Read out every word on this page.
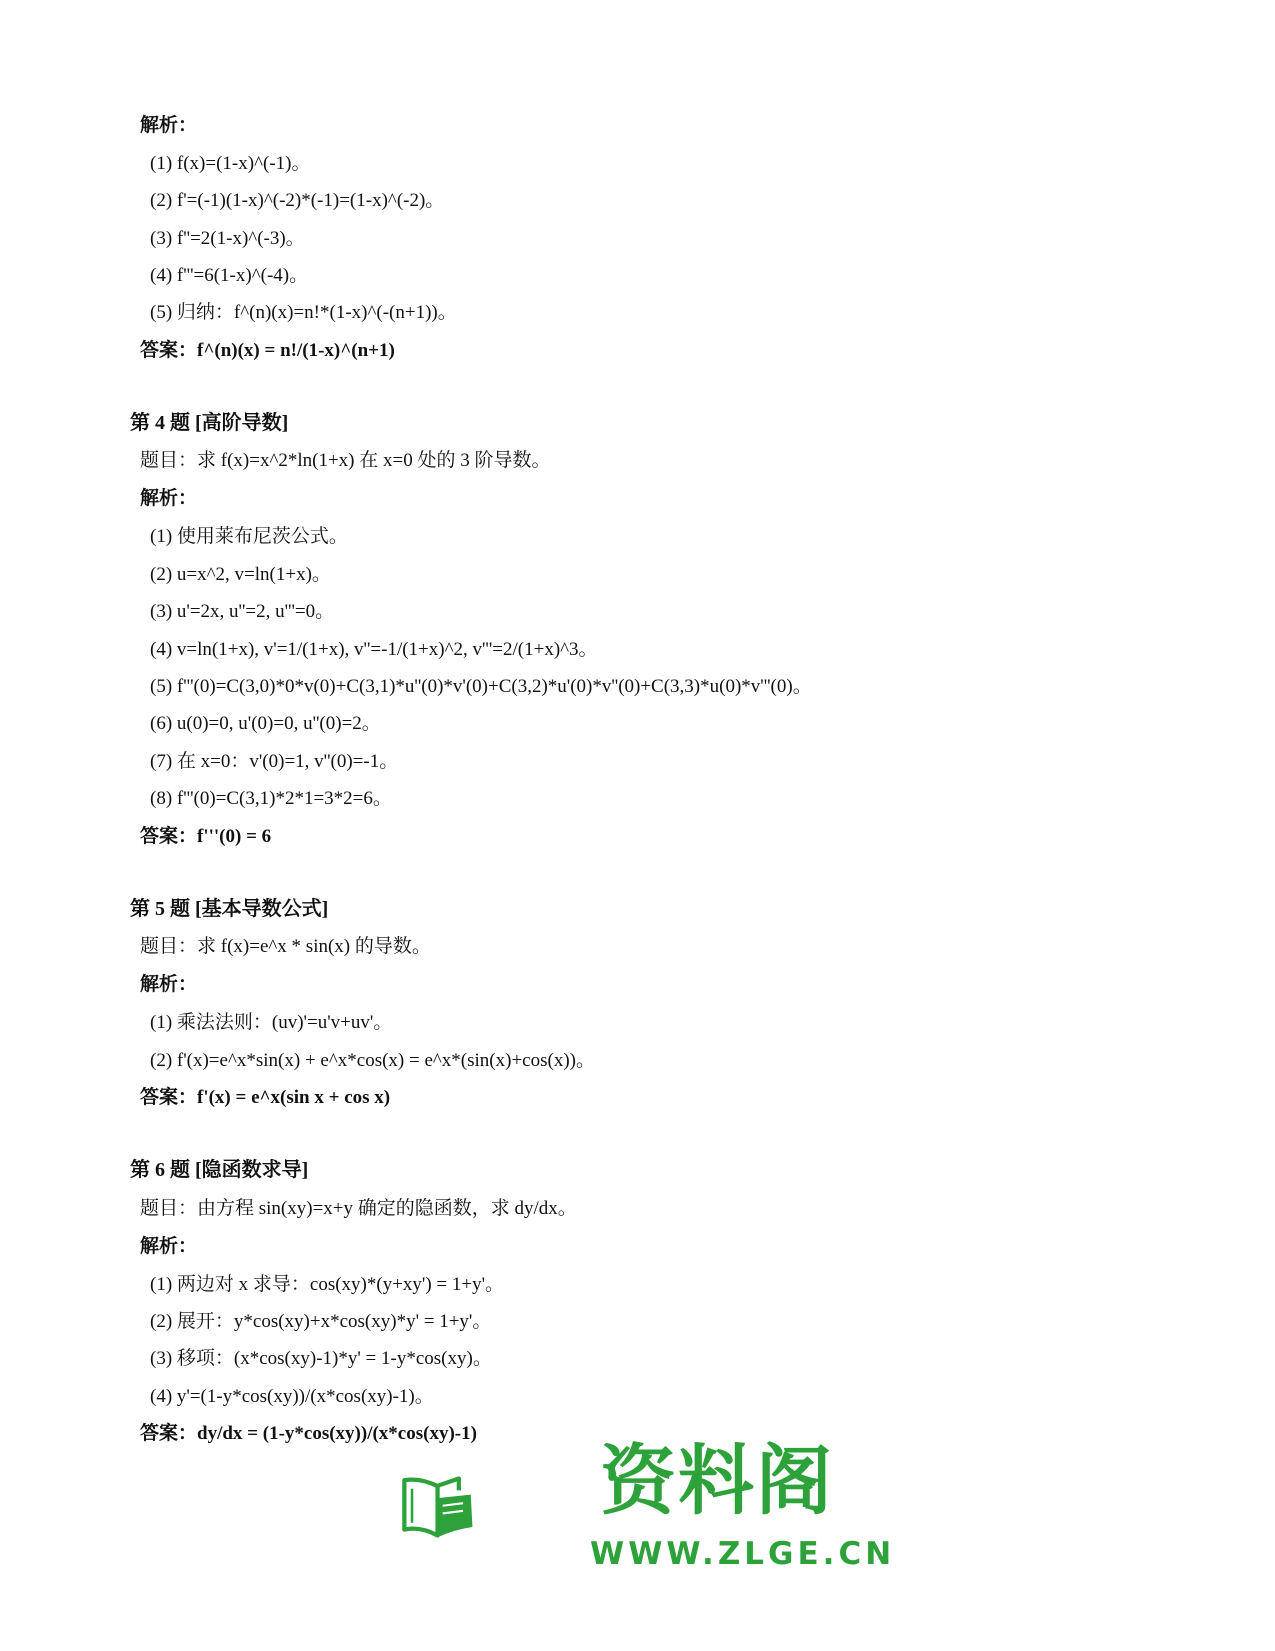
解析：
(1) f(x)=(1-x)^(-1)。
(2) f'=(-1)(1-x)^(-2)*(-1)=(1-x)^(-2)。
(3) f''=2(1-x)^(-3)。
(4) f'''=6(1-x)^(-4)。
(5) 归纳：f^(n)(x)=n!*(1-x)^(-(n+1))。
答案：f^(n)(x) = n!/(1-x)^(n+1)
第 4 题 [高阶导数]
题目：求 f(x)=x^2*ln(1+x) 在 x=0 处的 3 阶导数。
解析：
(1) 使用莱布尼茨公式。
(2) u=x^2, v=ln(1+x)。
(3) u'=2x, u''=2, u'''=0。
(4) v=ln(1+x), v'=1/(1+x), v''=-1/(1+x)^2, v'''=2/(1+x)^3。
(5) f'''(0)=C(3,0)*0*v(0)+C(3,1)*u''(0)*v'(0)+C(3,2)*u'(0)*v''(0)+C(3,3)*u(0)*v'''(0)。
(6) u(0)=0, u'(0)=0, u''(0)=2。
(7) 在 x=0：v'(0)=1, v''(0)=-1。
(8) f'''(0)=C(3,1)*2*1=3*2=6。
答案：f'''(0) = 6
第 5 题 [基本导数公式]
题目：求 f(x)=e^x * sin(x) 的导数。
解析：
(1) 乘法法则：(uv)'=u'v+uv'。
(2) f'(x)=e^x*sin(x) + e^x*cos(x) = e^x*(sin(x)+cos(x))。
答案：f'(x) = e^x(sin x + cos x)
第 6 题 [隐函数求导]
题目：由方程 sin(xy)=x+y 确定的隐函数，求 dy/dx。
解析：
(1) 两边对 x 求导：cos(xy)*(y+xy') = 1+y'。
(2) 展开：y*cos(xy)+x*cos(xy)*y' = 1+y'。
(3) 移项：(x*cos(xy)-1)*y' = 1-y*cos(xy)。
(4) y'=(1-y*cos(xy))/(x*cos(xy)-1)。
答案：dy/dx = (1-y*cos(xy))/(x*cos(xy)-1)
资料阁
WWW.ZLGE.CN
